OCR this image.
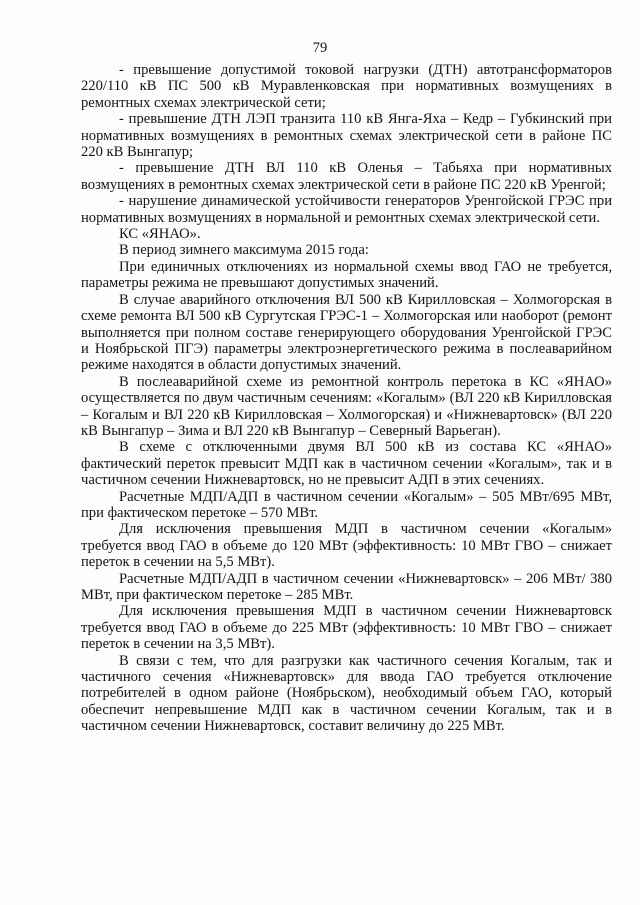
79

- превышение допустимой токовой нагрузки (ДТН) автотрансформаторов 220/110 кВ ПС 500 кВ Муравленковская при нормативных возмущениях в ремонтных схемах электрической сети;

- превышение ДТН ЛЭП транзита 110 кВ Янга-Яха – Кедр – Губкинский при нормативных возмущениях в ремонтных схемах электрической сети в районе ПС 220 кВ Вынгапур;

- превышение ДТН ВЛ 110 кВ Оленья – Табьяха при нормативных возмущениях в ремонтных схемах электрической сети в районе ПС 220 кВ Уренгой;

- нарушение динамической устойчивости генераторов Уренгойской ГРЭС при нормативных возмущениях в нормальной и ремонтных схемах электрической сети.

КС «ЯНАО».

В период зимнего максимума 2015 года:

При единичных отключениях из нормальной схемы ввод ГАО не требуется, параметры режима не превышают допустимых значений.

В случае аварийного отключения ВЛ 500 кВ Кирилловская – Холмогорская в схеме ремонта ВЛ 500 кВ Сургутская ГРЭС-1 – Холмогорская или наоборот (ремонт выполняется при полном составе генерирующего оборудования Уренгойской ГРЭС и Ноябрьской ПГЭ) параметры электроэнергетического режима в послеаварийном режиме находятся в области допустимых значений.

В послеаварийной схеме из ремонтной контроль перетока в КС «ЯНАО» осуществляется по двум частичным сечениям: «Когалым» (ВЛ 220 кВ Кирилловская – Когалым и ВЛ 220 кВ Кирилловская – Холмогорская) и «Нижневартовск» (ВЛ 220 кВ Вынгапур – Зима и ВЛ 220 кВ Вынгапур – Северный Варьеган).

В схеме с отключенными двумя ВЛ 500 кВ из состава КС «ЯНАО» фактический переток превысит МДП как в частичном сечении «Когалым», так и в частичном сечении Нижневартовск, но не превысит АДП в этих сечениях.

Расчетные МДП/АДП в частичном сечении «Когалым» – 505 МВт/695 МВт, при фактическом перетоке – 570 МВт.

Для исключения превышения МДП в частичном сечении «Когалым» требуется ввод ГАО в объеме до 120 МВт (эффективность: 10 МВт ГВО – снижает переток в сечении на 5,5 МВт).

Расчетные МДП/АДП в частичном сечении «Нижневартовск» – 206 МВт/ 380 МВт, при фактическом перетоке – 285 МВт.

Для исключения превышения МДП в частичном сечении Нижневартовск требуется ввод ГАО в объеме до 225 МВт (эффективность: 10 МВт ГВО – снижает переток в сечении на 3,5 МВт).

В связи с тем, что для разгрузки как частичного сечения Когалым, так и частичного сечения «Нижневартовск» для ввода ГАО требуется отключение потребителей в одном районе (Ноябрьском), необходимый объем ГАО, который обеспечит непревышение МДП как в частичном сечении Когалым, так и в частичном сечении Нижневартовск, составит величину до 225 МВт.
